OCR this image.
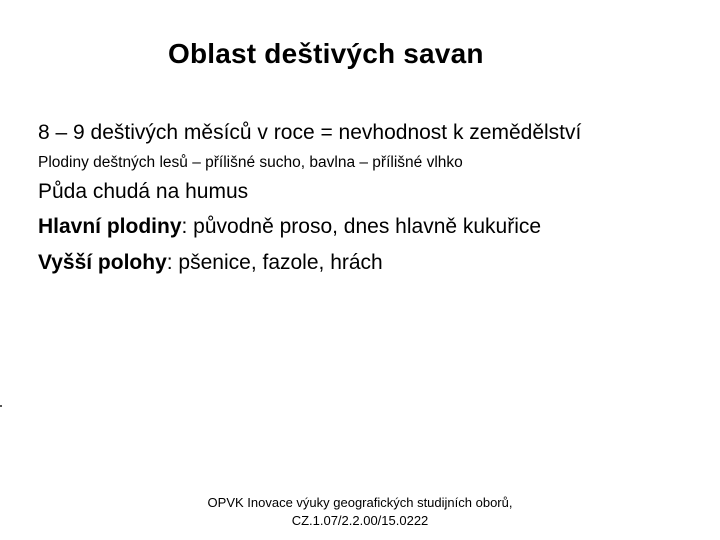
Oblast deštivých savan
8 – 9 deštivých měsíců v roce = nevhodnost k zemědělství
Plodiny deštných lesů – přílišné sucho, bavlna – přílišné vlhko
Půda chudá na humus
Hlavní plodiny: původně proso, dnes hlavně kukuřice
Vyšší polohy: pšenice, fazole, hrách
OPVK Inovace výuky geografických studijních oborů,
CZ.1.07/2.2.00/15.0222
